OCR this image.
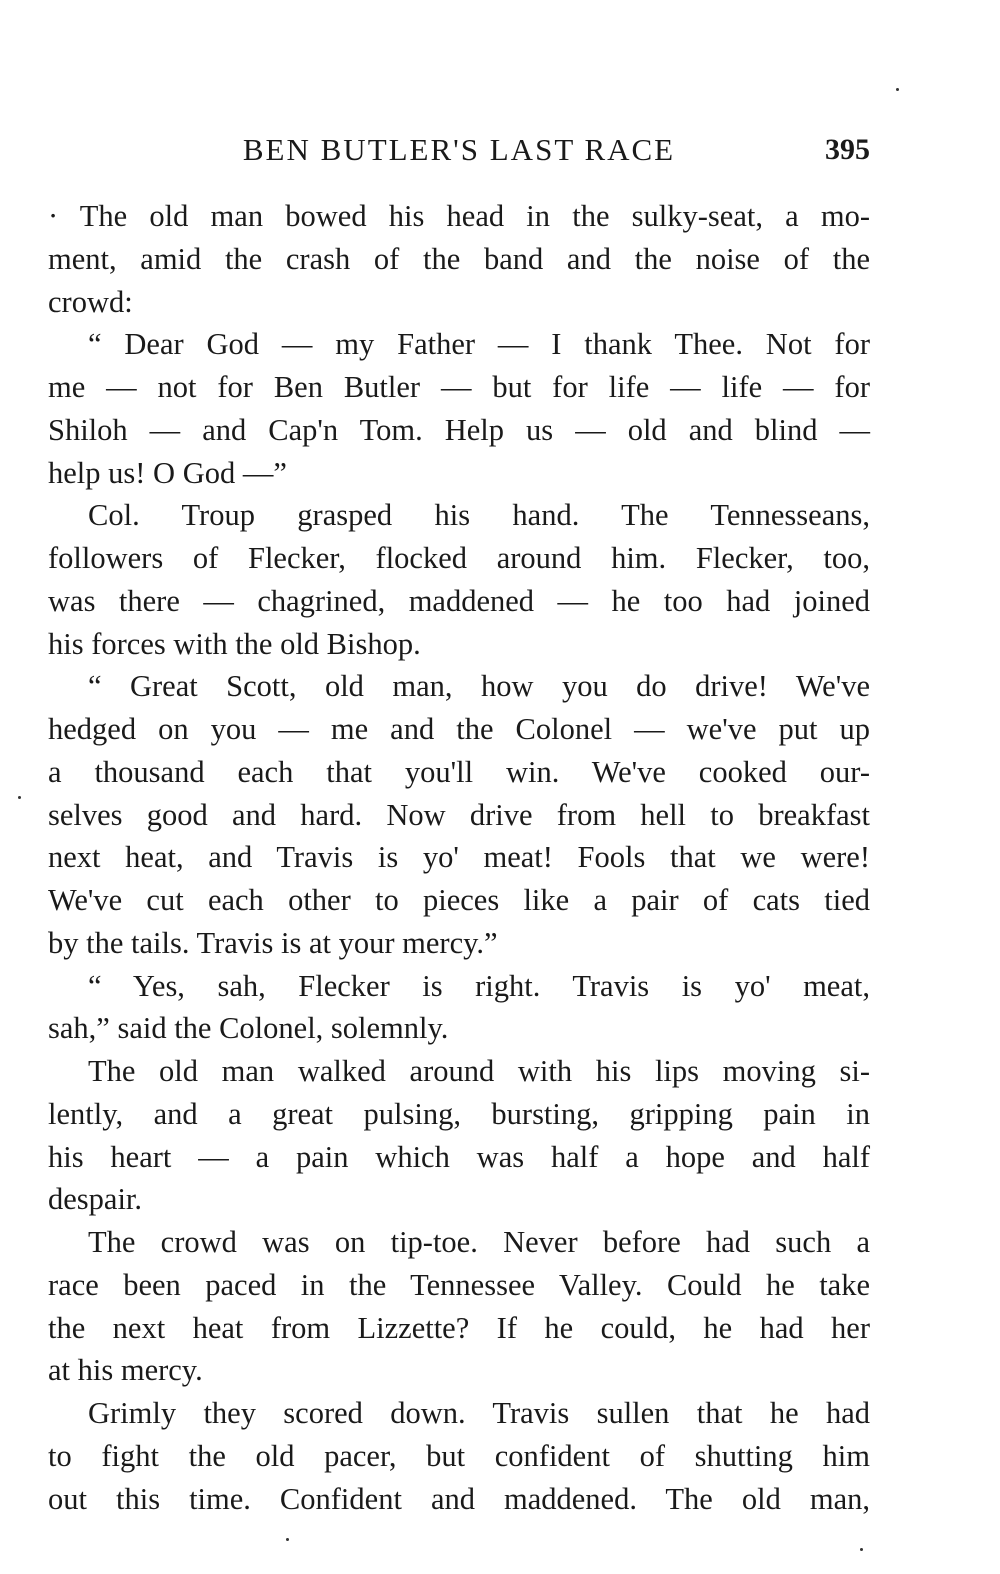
BEN BUTLER'S LAST RACE	395
· The old man bowed his head in the sulky-seat, a mo-
ment, amid the crash of the band and the noise of the
crowd:
“ Dear God — my Father — I thank Thee. Not for
me — not for Ben Butler — but for life — life — for
Shiloh — and Cap'n Tom. Help us — old and blind —
help us! O God —”
Col. Troup grasped his hand. The Tennesseans,
followers of Flecker, flocked around him. Flecker, too,
was there — chagrined, maddened — he too had joined
his forces with the old Bishop.
“ Great Scott, old man, how you do drive! We've
hedged on you — me and the Colonel — we've put up
a thousand each that you'll win. We've cooked our-
selves good and hard. Now drive from hell to breakfast
next heat, and Travis is yo' meat! Fools that we were!
We've cut each other to pieces like a pair of cats tied
by the tails. Travis is at your mercy.”
“ Yes, sah, Flecker is right. Travis is yo' meat,
sah,” said the Colonel, solemnly.
The old man walked around with his lips moving si-
lently, and a great pulsing, bursting, gripping pain in
his heart — a pain which was half a hope and half
despair.
The crowd was on tip-toe. Never before had such a
race been paced in the Tennessee Valley. Could he take
the next heat from Lizzette? If he could, he had her
at his mercy.
Grimly they scored down. Travis sullen that he had
to fight the old pacer, but confident of shutting him
out this time. Confident and maddened. The old man,
